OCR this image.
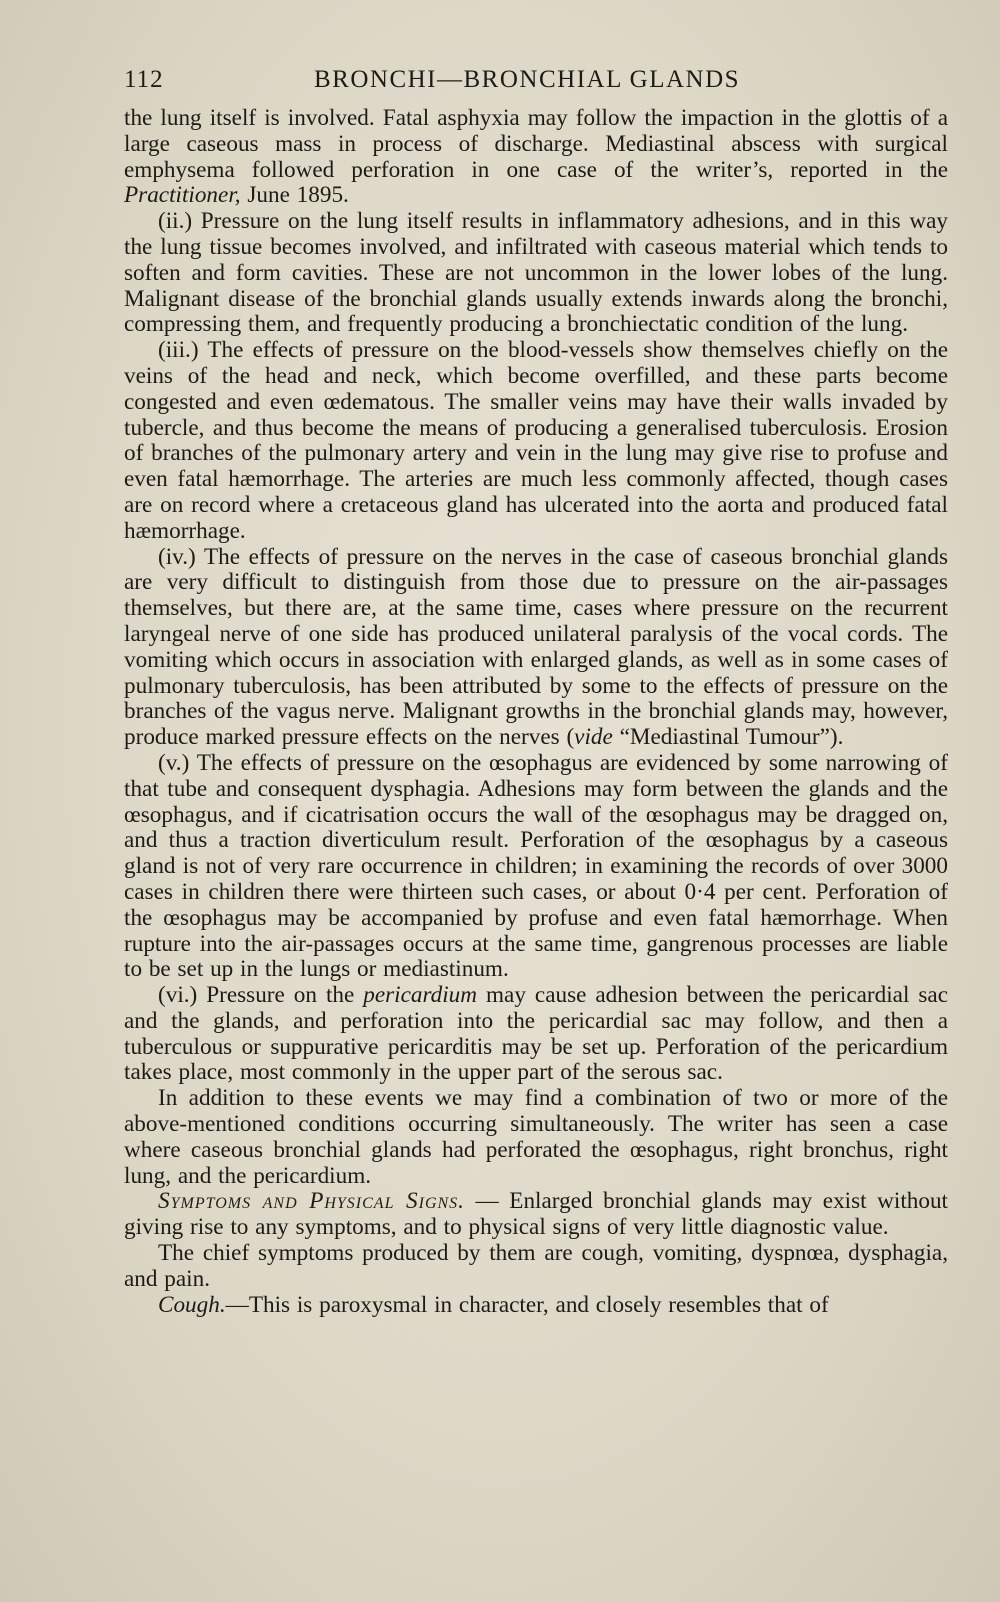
112	BRONCHI—BRONCHIAL GLANDS

the lung itself is involved. Fatal asphyxia may follow the impaction in the glottis of a large caseous mass in process of discharge. Mediastinal abscess with surgical emphysema followed perforation in one case of the writer’s, reported in the Practitioner, June 1895.

(ii.) Pressure on the lung itself results in inflammatory adhesions, and in this way the lung tissue becomes involved, and infiltrated with caseous material which tends to soften and form cavities. These are not uncommon in the lower lobes of the lung. Malignant disease of the bronchial glands usually extends inwards along the bronchi, compressing them, and frequently producing a bronchiectatic condition of the lung.

(iii.) The effects of pressure on the blood-vessels show themselves chiefly on the veins of the head and neck, which become overfilled, and these parts become congested and even œdematous. The smaller veins may have their walls invaded by tubercle, and thus become the means of producing a generalised tuberculosis. Erosion of branches of the pulmonary artery and vein in the lung may give rise to profuse and even fatal hæmorrhage. The arteries are much less commonly affected, though cases are on record where a cretaceous gland has ulcerated into the aorta and produced fatal hæmorrhage.

(iv.) The effects of pressure on the nerves in the case of caseous bronchial glands are very difficult to distinguish from those due to pressure on the air-passages themselves, but there are, at the same time, cases where pressure on the recurrent laryngeal nerve of one side has produced unilateral paralysis of the vocal cords. The vomiting which occurs in association with enlarged glands, as well as in some cases of pulmonary tuberculosis, has been attributed by some to the effects of pressure on the branches of the vagus nerve. Malignant growths in the bronchial glands may, however, produce marked pressure effects on the nerves (vide “Mediastinal Tumour”).

(v.) The effects of pressure on the œsophagus are evidenced by some narrowing of that tube and consequent dysphagia. Adhesions may form between the glands and the œsophagus, and if cicatrisation occurs the wall of the œsophagus may be dragged on, and thus a traction diverticulum result. Perforation of the œsophagus by a caseous gland is not of very rare occurrence in children; in examining the records of over 3000 cases in children there were thirteen such cases, or about 0·4 per cent. Perforation of the œsophagus may be accompanied by profuse and even fatal hæmorrhage. When rupture into the air-passages occurs at the same time, gangrenous processes are liable to be set up in the lungs or mediastinum.

(vi.) Pressure on the pericardium may cause adhesion between the pericardial sac and the glands, and perforation into the pericardial sac may follow, and then a tuberculous or suppurative pericarditis may be set up. Perforation of the pericardium takes place, most commonly in the upper part of the serous sac.

In addition to these events we may find a combination of two or more of the above-mentioned conditions occurring simultaneously. The writer has seen a case where caseous bronchial glands had perforated the œsophagus, right bronchus, right lung, and the pericardium.

Symptoms and Physical Signs. — Enlarged bronchial glands may exist without giving rise to any symptoms, and to physical signs of very little diagnostic value.

The chief symptoms produced by them are cough, vomiting, dyspnœa, dysphagia, and pain.

Cough.—This is paroxysmal in character, and closely resembles that of
